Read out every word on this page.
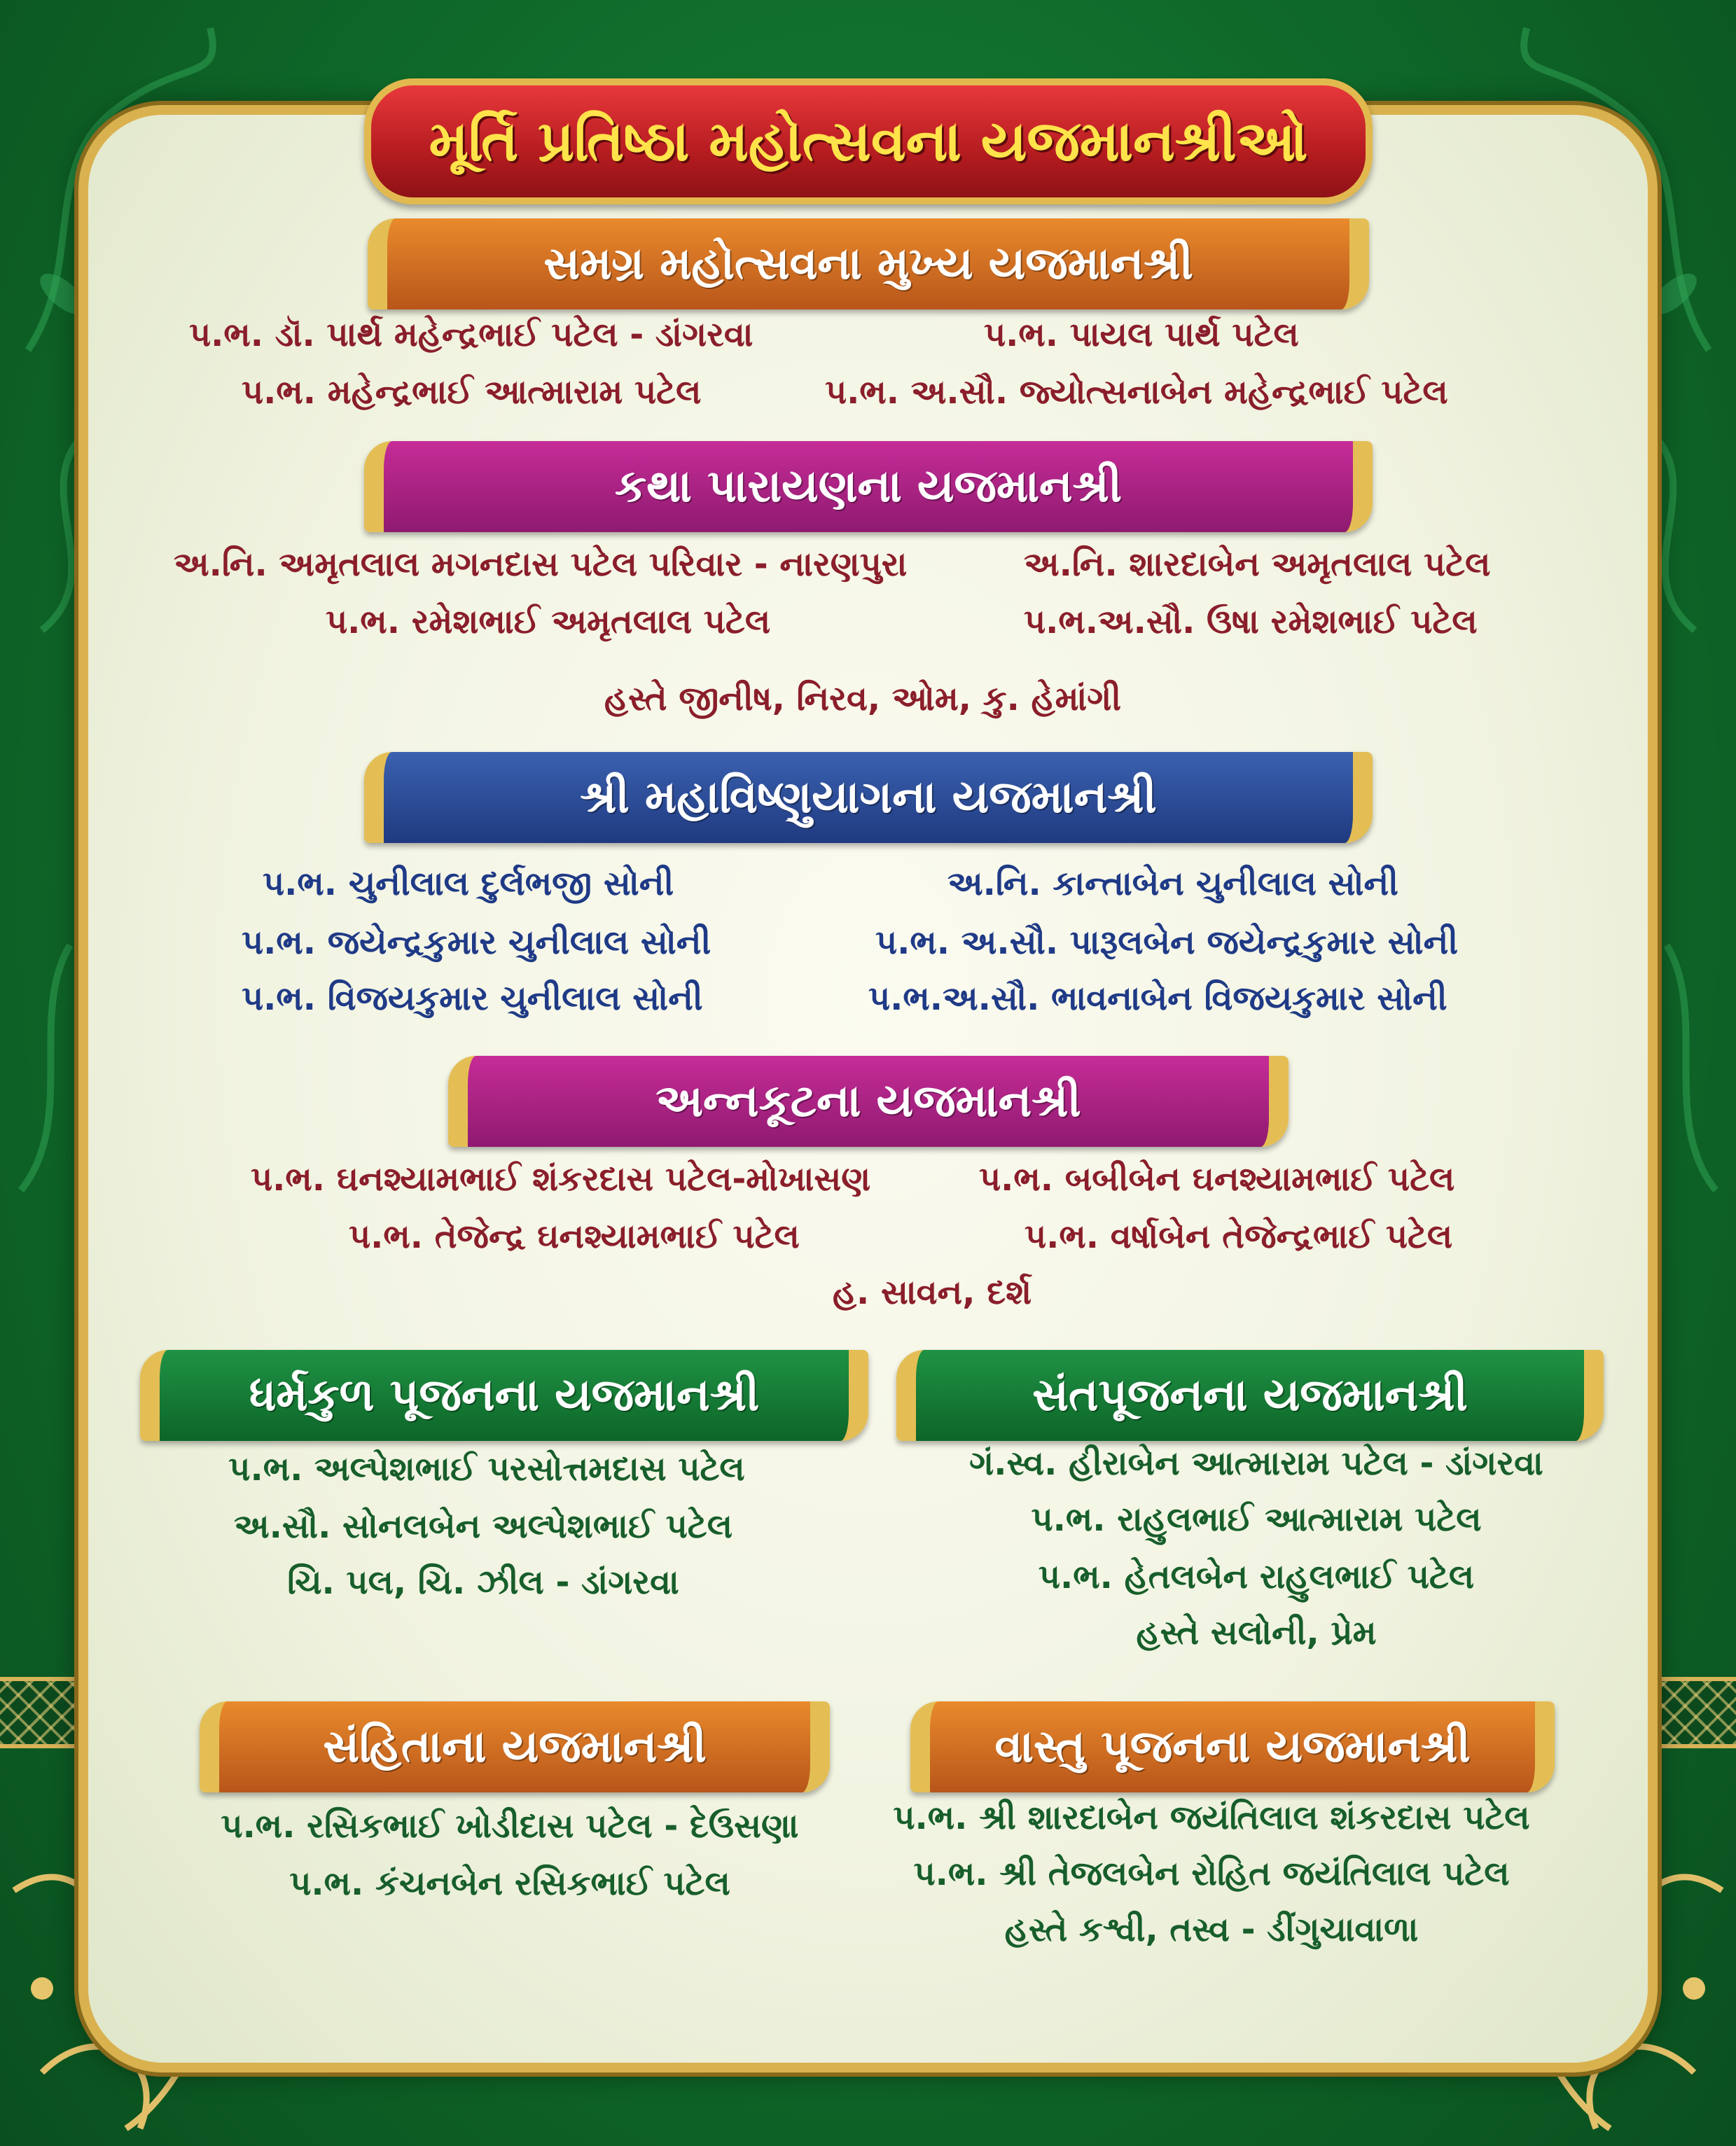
મૂર્તિ પ્રતિષ્ઠા મહોત્સવના યજમાનશ્રીઓ
સમગ્ર મહોત્સવના મુખ્ય યજમાનશ્રી
પ.ભ. ડૉ. પાર્થ મહેન્દ્રભાઈ પટેલ - ડાંગરવા	પ.ભ. પાયલ પાર્થ પટેલ
પ.ભ. મહેન્દ્રભાઈ આત્મારામ પટેલ	પ.ભ. અ.સૌ. જ્યોત્સનાબેન મહેન્દ્રભાઈ પટેલ
કથા પારાયણના યજમાનશ્રી
અ.નિ. અમૃતલાલ મગનદાસ પટેલ પરિવાર - નારણપુરા	અ.નિ. શારદાબેન અમૃતલાલ પટેલ
પ.ભ. રમેશભાઈ અમૃતલાલ પટેલ	પ.ભ.અ.સૌ. ઉષા રમેશભાઈ પટેલ
હસ્તે જીનીષ, નિરવ, ઓમ, કુ. હેમાંગી
શ્રી મહાવિષ્ણુયાગના યજમાનશ્રી
પ.ભ. ચુનીલાલ દુર્લભજી સોની	અ.નિ. કાન્તાબેન ચુનીલાલ સોની
પ.ભ. જયેન્દ્રકુમાર ચુનીલાલ સોની	પ.ભ. અ.સૌ. પારૂલબેન જયેન્દ્રકુમાર સોની
પ.ભ. વિજયકુમાર ચુનીલાલ સોની	પ.ભ.અ.સૌ. ભાવનાબેન વિજયકુમાર સોની
અન્નકૂટના યજમાનશ્રી
પ.ભ. ઘનશ્યામભાઈ શંકરદાસ પટેલ-મોખાસણ	પ.ભ. બબીબેન ઘનશ્યામભાઈ પટેલ
પ.ભ. તેજેન્દ્ર ઘનશ્યામભાઈ પટેલ	પ.ભ. વર્ષાબેન તેજેન્દ્રભાઈ પટેલ
હ. સાવન, દર્શ
ધર્મકુળ પૂજનના યજમાનશ્રી
પ.ભ. અલ્પેશભાઈ પરસોત્તમદાસ પટેલ
અ.સૌ. સોનલબેન અલ્પેશભાઈ પટેલ
ચિ. પલ, ચિ. ઝીલ - ડાંગરવા
સંતપૂજનના યજમાનશ્રી
ગં.સ્વ. હીરાબેન આત્મારામ પટેલ - ડાંગરવા
પ.ભ. રાહુલભાઈ આત્મારામ પટેલ
પ.ભ. હેતલબેન રાહુલભાઈ પટેલ
હસ્તે સલોની, પ્રેમ
સંહિતાના યજમાનશ્રી
પ.ભ. રસિકભાઈ ખોડીદાસ પટેલ - દેઉસણા
પ.ભ. કંચનબેન રસિકભાઈ પટેલ
વાસ્તુ પૂજનના યજમાનશ્રી
પ.ભ. શ્રી શારદાબેન જયંતિલાલ શંકરદાસ પટેલ
પ.ભ. શ્રી તેજલબેન રોહિત જયંતિલાલ પટેલ
હસ્તે કશ્વી, તસ્વ - ડીંગુચાવાળા
